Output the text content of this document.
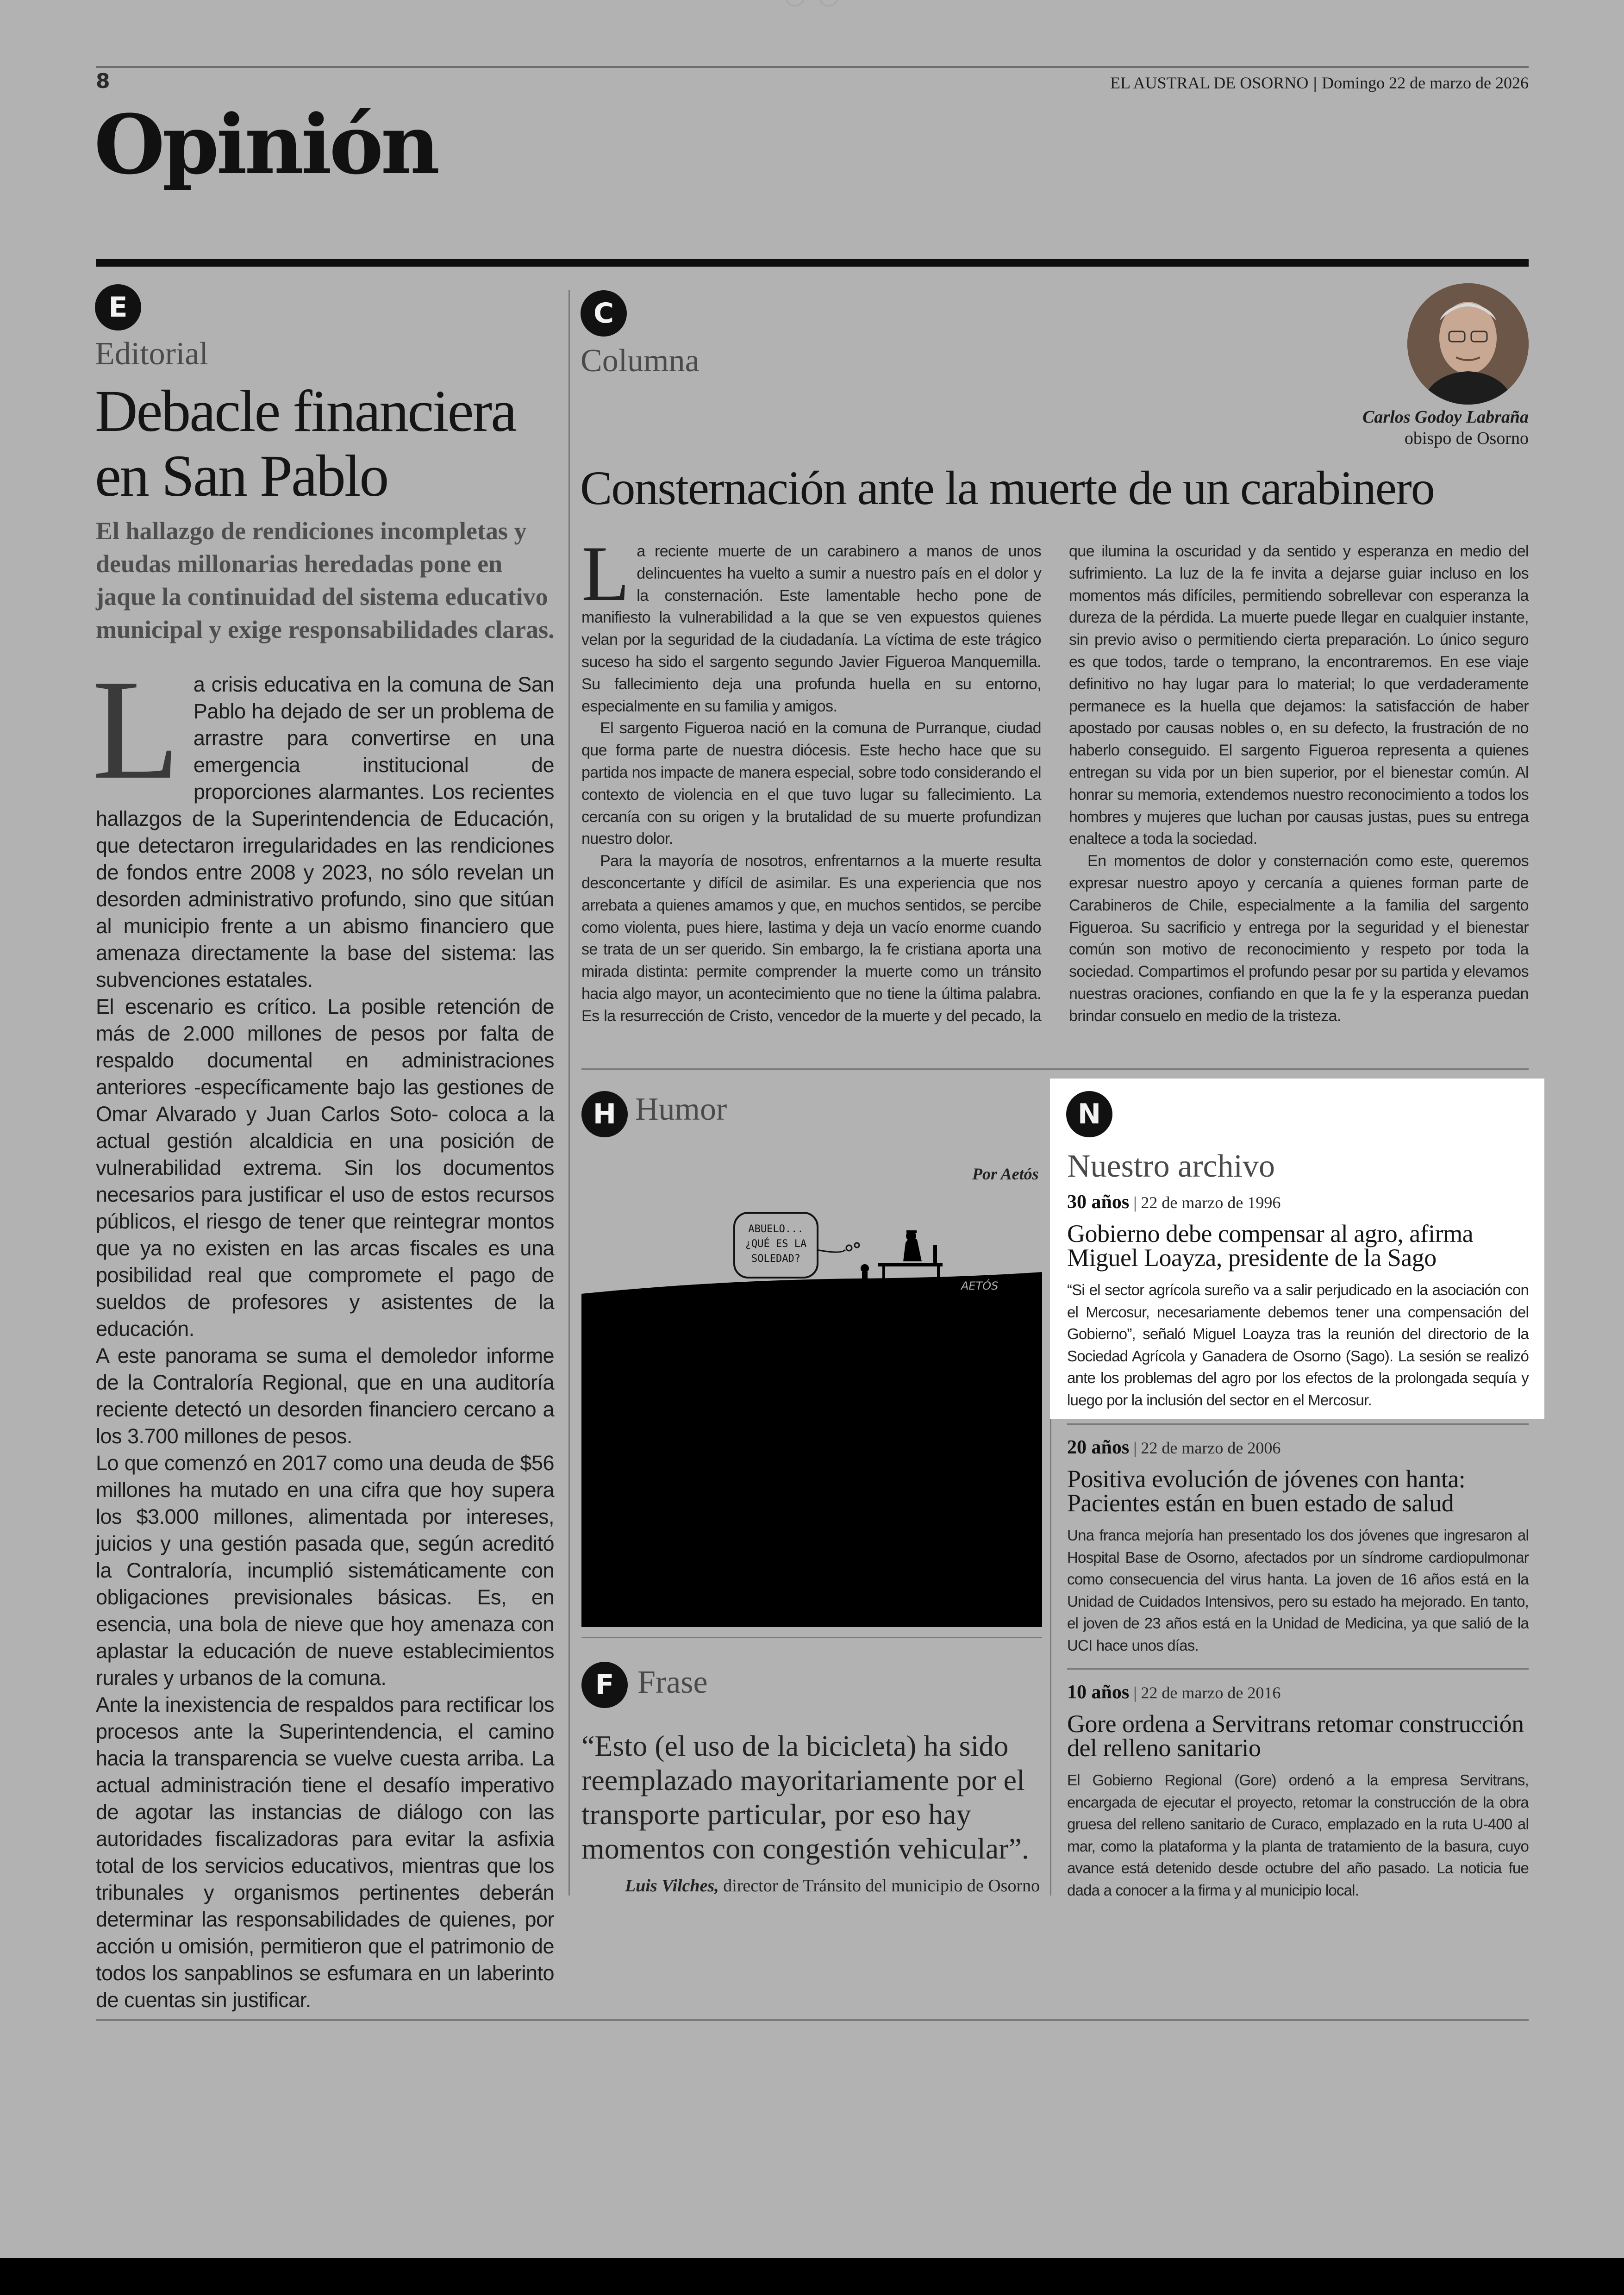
8	EL AUSTRAL DE OSORNO | Domingo 22 de marzo de 2026
Opinión
E
Editorial
Debacle financiera en San Pablo
El hallazgo de rendiciones incompletas y deudas millonarias heredadas pone en jaque la continuidad del sistema educativo municipal y exige responsabilidades claras.
L a crisis educativa en la comuna de San Pablo ha dejado de ser un problema de arrastre para convertirse en una emergencia institucional de proporciones alarmantes. Los recientes hallazgos de la Superintendencia de Educación, que detectaron irregularidades en las rendiciones de fondos entre 2008 y 2023, no sólo revelan un desorden administrativo profundo, sino que sitúan al municipio frente a un abismo financiero que amenaza directamente la base del sistema: las subvenciones estatales.

El escenario es crítico. La posible retención de más de 2.000 millones de pesos por falta de respaldo documental en administraciones anteriores -específicamente bajo las gestiones de Omar Alvarado y Juan Carlos Soto- coloca a la actual gestión alcaldicia en una posición de vulnerabilidad extrema. Sin los documentos necesarios para justificar el uso de estos recursos públicos, el riesgo de tener que reintegrar montos que ya no existen en las arcas fiscales es una posibilidad real que compromete el pago de sueldos de profesores y asistentes de la educación.

A este panorama se suma el demoledor informe de la Contraloría Regional, que en una auditoría reciente detectó un desorden financiero cercano a los 3.700 millones de pesos.

Lo que comenzó en 2017 como una deuda de $56 millones ha mutado en una cifra que hoy supera los $3.000 millones, alimentada por intereses, juicios y una gestión pasada que, según acreditó la Contraloría, incumplió sistemáticamente con obligaciones previsionales básicas. Es, en esencia, una bola de nieve que hoy amenaza con aplastar la educación de nueve establecimientos rurales y urbanos de la comuna.

Ante la inexistencia de respaldos para rectificar los procesos ante la Superintendencia, el camino hacia la transparencia se vuelve cuesta arriba. La actual administración tiene el desafío imperativo de agotar las instancias de diálogo con las autoridades fiscalizadoras para evitar la asfixia total de los servicios educativos, mientras que los tribunales y organismos pertinentes deberán determinar las responsabilidades de quienes, por acción u omisión, permitieron que el patrimonio de todos los sanpablinos se esfumara en un laberinto de cuentas sin justificar.

C
Columna
Carlos Godoy Labraña
obispo de Osorno
Consternación ante la muerte de un carabinero

La reciente muerte de un carabinero a manos de unos delincuentes ha vuelto a sumir a nuestro país en el dolor y la consternación. Este lamentable hecho pone de manifiesto la vulnerabilidad a la que se ven expuestos quienes velan por la seguridad de la ciudadanía. La víctima de este trágico suceso ha sido el sargento segundo Javier Figueroa Manquemilla. Su fallecimiento deja una profunda huella en su entorno, especialmente en su familia y amigos.

El sargento Figueroa nació en la comuna de Purranque, ciudad que forma parte de nuestra diócesis. Este hecho hace que su partida nos impacte de manera especial, sobre todo considerando el contexto de violencia en el que tuvo lugar su fallecimiento. La cercanía con su origen y la brutalidad de su muerte profundizan nuestro dolor.

Para la mayoría de nosotros, enfrentarnos a la muerte resulta desconcertante y difícil de asimilar. Es una experiencia que nos arrebata a quienes amamos y que, en muchos sentidos, se percibe como violenta, pues hiere, lastima y deja un vacío enorme cuando se trata de un ser querido. Sin embargo, la fe cristiana aporta una mirada distinta: permite comprender la muerte como un tránsito hacia algo mayor, un acontecimiento que no tiene la última palabra. Es la resurrección de Cristo, vencedor de la muerte y del pecado, la que ilumina la oscuridad y da sentido y esperanza en medio del sufrimiento. La luz de la fe invita a dejarse guiar incluso en los momentos más difíciles, permitiendo sobrellevar con esperanza la dureza de la pérdida. La muerte puede llegar en cualquier instante, sin previo aviso o permitiendo cierta preparación. Lo único seguro es que todos, tarde o temprano, la encontraremos. En ese viaje definitivo no hay lugar para lo material; lo que verdaderamente permanece es la huella que dejamos: la satisfacción de haber apostado por causas nobles o, en su defecto, la frustración de no haberlo conseguido. El sargento Figueroa representa a quienes entregan su vida por un bien superior, por el bienestar común. Al honrar su memoria, extendemos nuestro reconocimiento a todos los hombres y mujeres que luchan por causas justas, pues su entrega enaltece a toda la sociedad.

En momentos de dolor y consternación como este, queremos expresar nuestro apoyo y cercanía a quienes forman parte de Carabineros de Chile, especialmente a la familia del sargento Figueroa. Su sacrificio y entrega por la seguridad y el bienestar común son motivo de reconocimiento y respeto por toda la sociedad. Compartimos el profundo pesar por su partida y elevamos nuestras oraciones, confiando en que la fe y la esperanza puedan brindar consuelo en medio de la tristeza.

H Humor
Por Aetós
ABUELO...
¿QUÉ ES LA
SOLEDAD?
AETÓS
F Frase
“Esto (el uso de la bicicleta) ha sido reemplazado mayoritariamente por el transporte particular, por eso hay momentos con congestión vehicular”.
Luis Vilches, director de Tránsito del municipio de Osorno
N
Nuestro archivo
30 años | 22 de marzo de 1996
Gobierno debe compensar al agro, afirma Miguel Loayza, presidente de la Sago
“Si el sector agrícola sureño va a salir perjudicado en la asociación con el Mercosur, necesariamente debemos tener una compensación del Gobierno”, señaló Miguel Loayza tras la reunión del directorio de la Sociedad Agrícola y Ganadera de Osorno (Sago). La sesión se realizó ante los problemas del agro por los efectos de la prolongada sequía y luego por la inclusión del sector en el Mercosur.
20 años | 22 de marzo de 2006
Positiva evolución de jóvenes con hanta: Pacientes están en buen estado de salud
Una franca mejoría han presentado los dos jóvenes que ingresaron al Hospital Base de Osorno, afectados por un síndrome cardiopulmonar como consecuencia del virus hanta. La joven de 16 años está en la Unidad de Cuidados Intensivos, pero su estado ha mejorado. En tanto, el joven de 23 años está en la Unidad de Medicina, ya que salió de la UCI hace unos días.
10 años | 22 de marzo de 2016
Gore ordena a Servitrans retomar construcción del relleno sanitario
El Gobierno Regional (Gore) ordenó a la empresa Servitrans, encargada de ejecutar el proyecto, retomar la construcción de la obra gruesa del relleno sanitario de Curaco, emplazado en la ruta U-400 al mar, como la plataforma y la planta de tratamiento de la basura, cuyo avance está detenido desde octubre del año pasado. La noticia fue dada a conocer a la firma y al municipio local.
